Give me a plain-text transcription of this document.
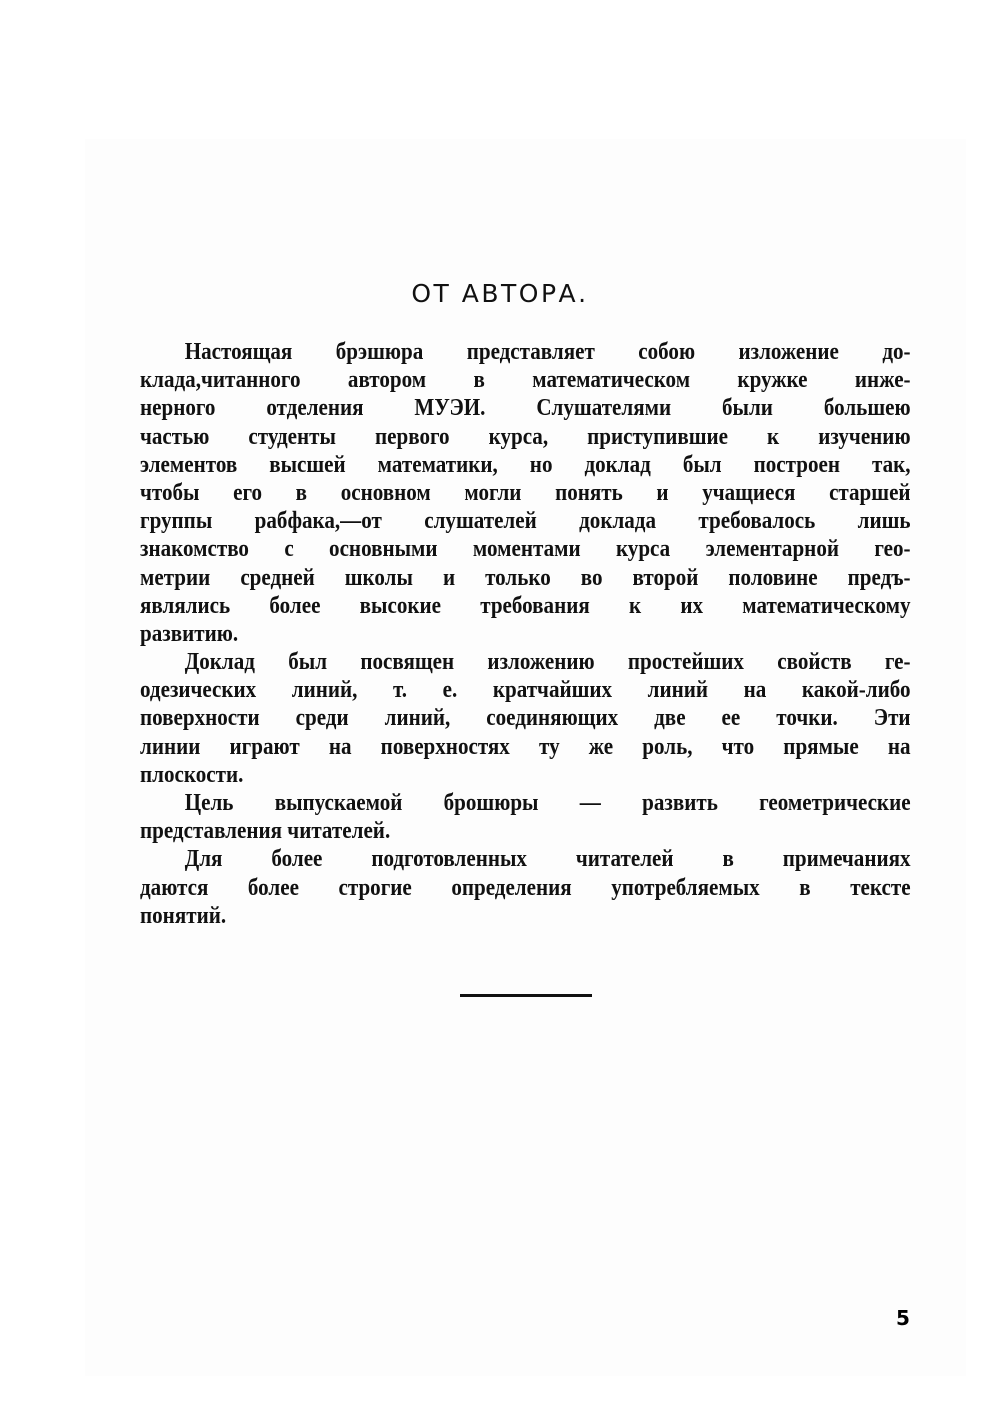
ОТ АВТОРА.
Настоящая брэшюра представляет собою изложение до-
клада,читанного автором в математическом кружке инже-
нерного отделения МУЭИ. Слушателями были большею
частью студенты первого курса, приступившие к изучению
элементов высшей математики, но доклад был построен так,
чтобы его в основном могли понять и учащиеся старшей
группы рабфака,—от слушателей доклада требовалось лишь
знакомство с основными моментами курса элементарной гео-
метрии средней школы и только во второй половине предъ-
являлись более высокие требования к их математическому
развитию.
Доклад был посвящен изложению простейших свойств ге-
одезических линий, т. е. кратчайших линий на какой-либо
поверхности среди линий, соединяющих две ее точки. Эти
линии играют на поверхностях ту же роль, что прямые на
плоскости.
Цель выпускаемой брошюры — развить геометрические
представления читателей.
Для более подготовленных читателей в примечаниях
даются более строгие определения употребляемых в тексте
понятий.
5
